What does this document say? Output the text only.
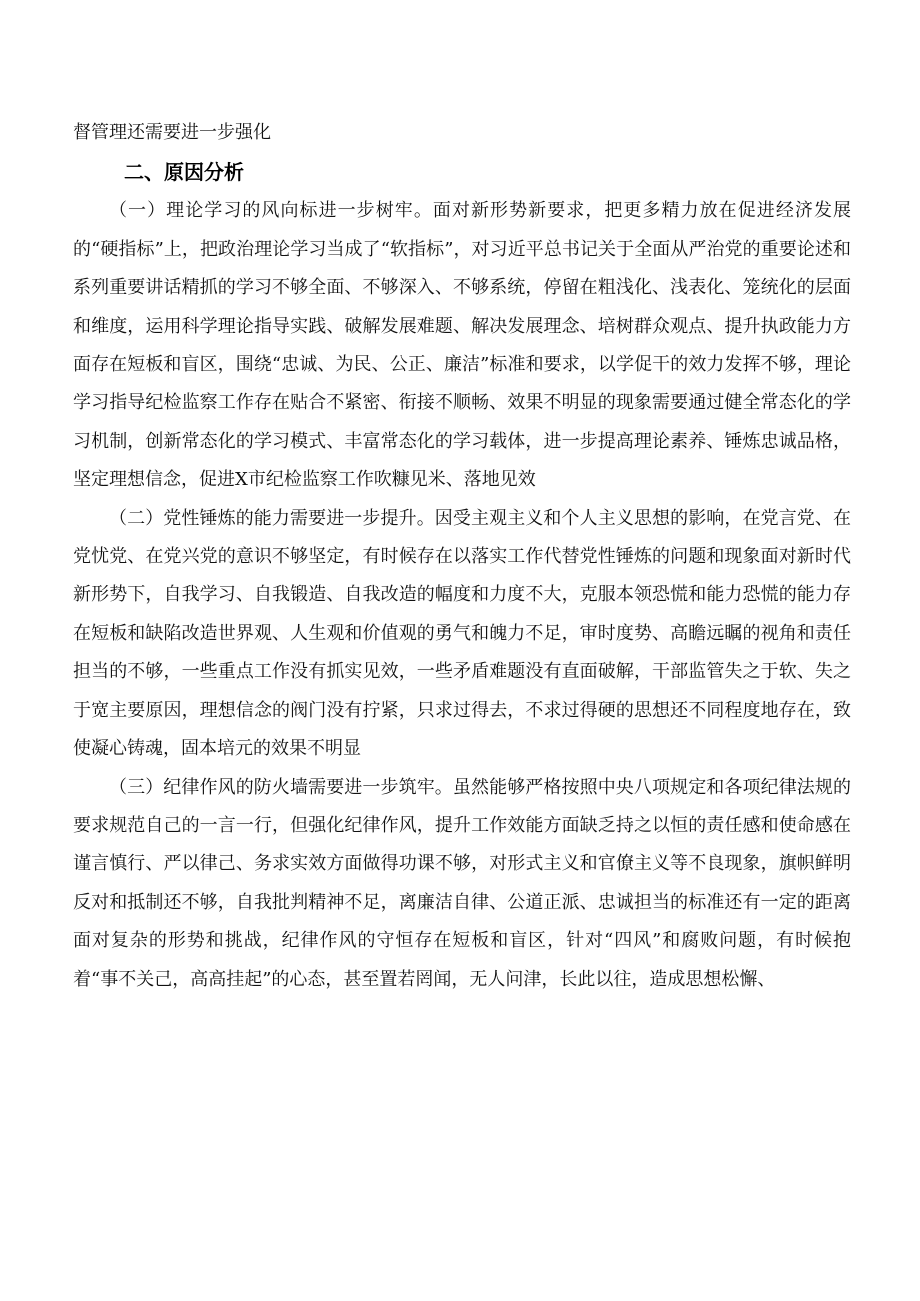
督管理还需要进一步强化

二、原因分析

（一）理论学习的风向标进一步树牢。面对新形势新要求，把更多精力放在促进经济发展的“硬指标”上，把政治理论学习当成了“软指标”，对习近平总书记关于全面从严治党的重要论述和系列重要讲话精抓的学习不够全面、不够深入、不够系统，停留在粗浅化、浅表化、笼统化的层面和维度，运用科学理论指导实践、破解发展难题、解决发展理念、培树群众观点、提升执政能力方面存在短板和盲区，围绕“忠诚、为民、公正、廉洁”标准和要求，以学促干的效力发挥不够，理论学习指导纪检监察工作存在贴合不紧密、衔接不顺畅、效果不明显的现象需要通过健全常态化的学习机制，创新常态化的学习模式、丰富常态化的学习载体，进一步提高理论素养、锤炼忠诚品格，坚定理想信念，促进X市纪检监察工作吹糠见米、落地见效

（二）党性锤炼的能力需要进一步提升。因受主观主义和个人主义思想的影响，在党言党、在党忧党、在党兴党的意识不够坚定，有时候存在以落实工作代替党性锤炼的问题和现象面对新时代新形势下，自我学习、自我锻造、自我改造的幅度和力度不大，克服本领恐慌和能力恐慌的能力存在短板和缺陷改造世界观、人生观和价值观的勇气和魄力不足，审时度势、高瞻远瞩的视角和责任担当的不够，一些重点工作没有抓实见效，一些矛盾难题没有直面破解，干部监管失之于软、失之于宽主要原因，理想信念的阀门没有拧紧，只求过得去，不求过得硬的思想还不同程度地存在，致使凝心铸魂，固本培元的效果不明显

（三）纪律作风的防火墙需要进一步筑牢。虽然能够严格按照中央八项规定和各项纪律法规的要求规范自己的一言一行，但强化纪律作风，提升工作效能方面缺乏持之以恒的责任感和使命感在谨言慎行、严以律己、务求实效方面做得功课不够，对形式主义和官僚主义等不良现象，旗帜鲜明反对和抵制还不够，自我批判精神不足，离廉洁自律、公道正派、忠诚担当的标准还有一定的距离面对复杂的形势和挑战，纪律作风的守恒存在短板和盲区，针对“四风”和腐败问题，有时候抱着“事不关己，高高挂起”的心态，甚至置若罔闻，无人问津，长此以往，造成思想松懈、
